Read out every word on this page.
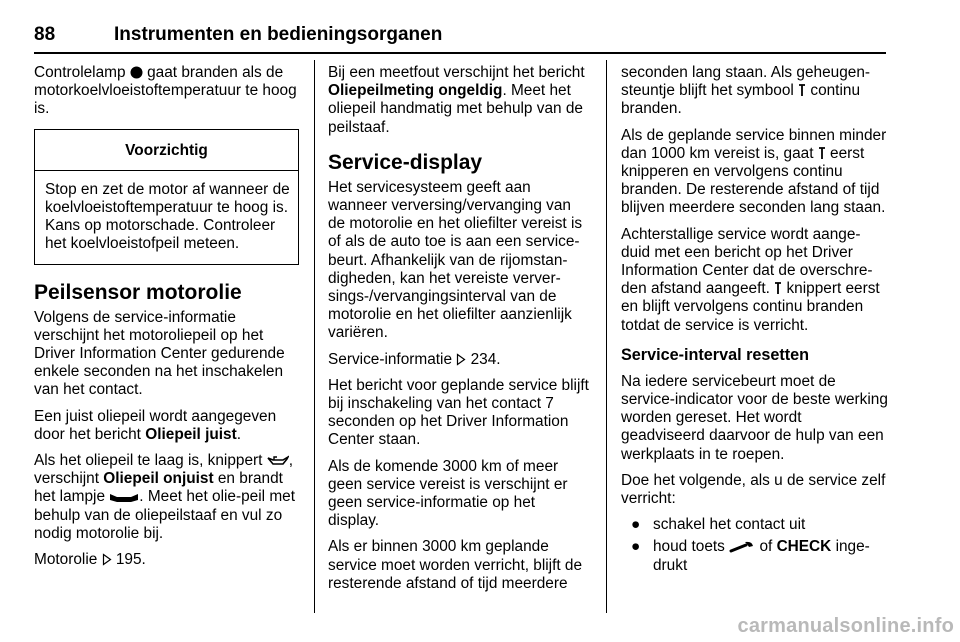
88	Instrumenten en bedieningsorganen

Controlelamp  gaat branden als de motorkoelvloeistoftemperatuur te hoog is.

Voorzichtig
Stop en zet de motor af wanneer de koelvloeistoftemperatuur te hoog is. Kans op motorschade. Controleer het koelvloeistofpeil meteen.
Peilsensor motorolie

Volgens de service-informatie verschijnt het motoroliepeil op het Driver Information Center gedurende enkele seconden na het inschakelen van het contact.

Een juist oliepeil wordt aangegeven door het bericht Oliepeil juist.

Als het oliepeil te laag is, knippert , verschijnt Oliepeil onjuist en brandt het lampje . Meet het olie-peil met behulp van de oliepeilstaaf en vul zo nodig motorolie bij.

Motorolie  195.

Bij een meetfout verschijnt het bericht Oliepeilmeting ongeldig. Meet het oliepeil handmatig met behulp van de peilstaaf.

Service-display

Het servicesysteem geeft aan wanneer verversing/vervanging van de motorolie en het oliefilter vereist is of als de auto toe is aan een service-beurt. Afhankelijk van de rijomstan-digheden, kan het vereiste verver-sings-/vervangingsinterval van de motorolie en het oliefilter aanzienlijk variëren.

Service-informatie  234.

Het bericht voor geplande service blijft bij inschakeling van het contact 7 seconden op het Driver Information Center staan.

Als de komende 3000 km of meer geen service vereist is verschijnt er geen service-informatie op het display.

Als er binnen 3000 km geplande service moet worden verricht, blijft de resterende afstand of tijd meerdere

seconden lang staan. Als geheugen-steuntje blijft het symbool  continu branden.

Als de geplande service binnen minder dan 1000 km vereist is, gaat  eerst knipperen en vervolgens continu branden. De resterende afstand of tijd blijven meerdere seconden lang staan.

Achterstallige service wordt aange-duid met een bericht op het Driver Information Center dat de overschre-den afstand aangeeft.  knippert eerst en blijft vervolgens continu branden totdat de service is verricht.

Service-interval resetten

Na iedere servicebeurt moet de service-indicator voor de beste werking worden gereset. Het wordt geadviseerd daarvoor de hulp van een werkplaats in te roepen.

Doe het volgende, als u de service zelf verricht:

● schakel het contact uit
● houd toets  of CHECK inge-drukt
carmanualsonline.info
